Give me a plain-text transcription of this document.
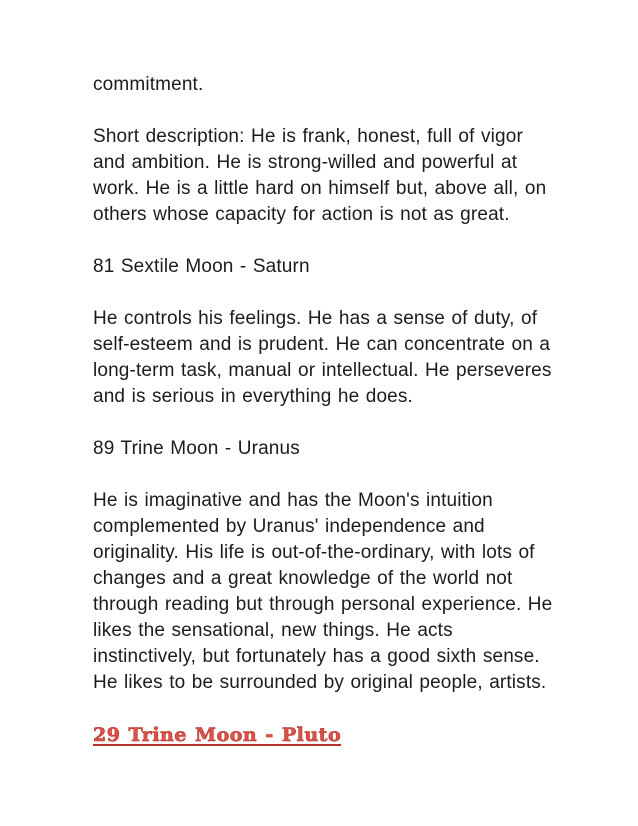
commitment.

Short description: He is frank, honest, full of vigor and ambition. He is strong-willed and powerful at work. He is a little hard on himself but, above all, on others whose capacity for action is not as great.

81 Sextile Moon - Saturn

He controls his feelings. He has a sense of duty, of self-esteem and is prudent. He can concentrate on a long-term task, manual or intellectual. He perseveres and is serious in everything he does.

89 Trine Moon - Uranus

He is imaginative and has the Moon's intuition complemented by Uranus' independence and originality. His life is out-of-the-ordinary, with lots of changes and a great knowledge of the world not through reading but through personal experience. He likes the sensational, new things. He acts instinctively, but fortunately has a good sixth sense. He likes to be surrounded by original people, artists.

29 Trine Moon - Pluto
